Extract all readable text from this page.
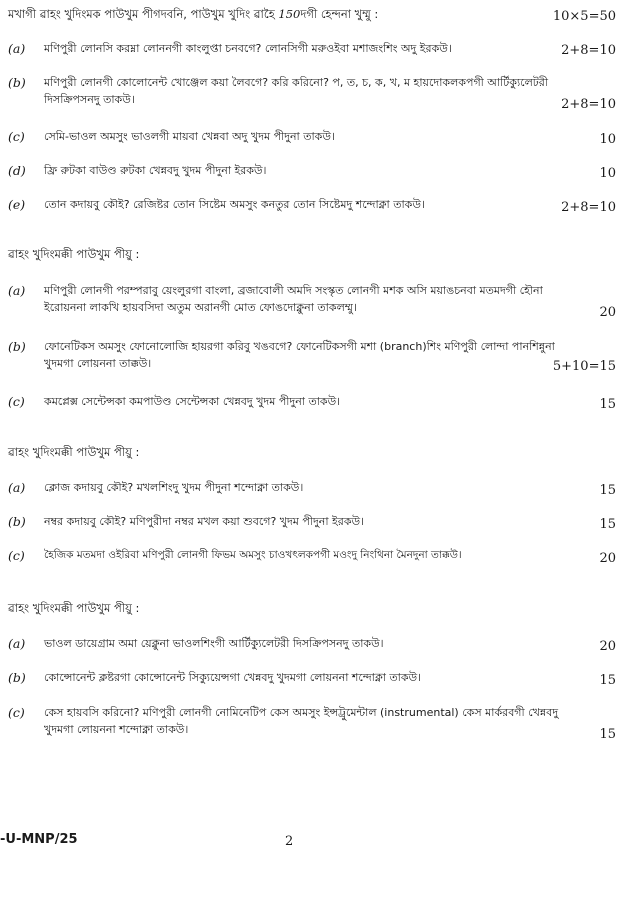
মখাগী ৱাহং খুদিংমক পাউখুম পীগদবনি, পাউখুম খুদিং ৱাহৈ 150দগী হেন্দনা খুম্মু :	10×5=50
(a) মণিপুরী লোনসি করম্না লোননগী কাংলুপ্তা চনবগে? লোনসিগী মরুওইবা মশাজংশিং অদু ইরকউ।	2+8=10
(b) মণিপুরী লোনগী কোলোনেন্ট খোঞ্জেল কয়া লৈবগে? করি করিনো? প, ত, চ, ক, খ, ম হায়দোকলকপগী আর্টিক্যুলেটরী দিসক্রিপসনদু তাকউ।	2+8=10
(c) সেমি-ভাওল অমসুং ভাওলগী মায়বা খেন্নবা অদু খুদম পীদুনা তাকউ।	10
(d) ফ্রি রুটকা বাউণ্ড রুটকা খেন্নবদু খুদম পীদুনা ইরকউ।	10
(e) তোন কদায়বু কৌই? রেজিষ্টর তোন সিষ্টেম অমসুং কনতুর তোন সিষ্টেমদু শন্দোক্না তাকউ।	2+8=10
ৱাহং খুদিংমক্কী পাউখুম পীয়ু :
(a) মণিপুরী লোনগী পরম্পরাবু য়েংলুরগা বাংলা, ব্রজাবোলী অমদি সংস্কৃত লোনগী মশক অসি ময়াঙচনবা মতমদগী হৌনা ইরোয়ননা লাকখি হায়বসিদা অতুম অরানগী মোত ফোঙদোক্নুনা তাকলম্মু।	20
(b) ফোনেটিকস অমসুং ফোনোলোজি হায়রগা করিবু খঙবগে? ফোনেটিকসগী মশা (branch)শিং মণিপুরী লোন্দা পানশিন্নুনা খুদমগা লোয়ননা তাক্কউ।	5+10=15
(c) কমপ্লেক্স সেন্টেন্সকা কমপাউণ্ড সেন্টেন্সকা খেন্নবদু খুদম পীদুনা তাকউ।	15
ৱাহং খুদিংমক্কী পাউখুম পীয়ু :
(a) ক্লোজ কদায়বু কৌই? মখলশিংদু খুদম পীদুনা শন্দোক্না তাকউ।	15
(b) নম্বর কদায়বু কৌই? মণিপুরীদা নম্বর মখল কয়া শুবগে? খুদম পীদুনা ইরকউ।	15
(c) হৈজিক মতমদা ওইরিবা মণিপুরী লোনগী ফিভম অমসুং চাওখৎলকপগী মওংদু নিংথিনা মৈনদুনা তাক্কউ।	20
ৱাহং খুদিংমক্কী পাউখুম পীয়ু :
(a) ভাওল ডায়েগ্রাম অমা য়েক্নুনা ভাওলশিংগী আর্টিক্যুলেটরী দিসক্রিপসনদু তাকউ।	20
(b) কোন্সোনেন্ট ক্লষ্টরগা কোন্সোনেন্ট সিক্যুয়েন্সগা খেন্নবদু খুদমগা লোয়ননা শন্দোক্না তাকউ।	15
(c) কেস হায়বসি করিনো? মণিপুরী লোনগী নোমিনেটিপ কেস অমসুং ইন্সট্রুমেন্টাল (instrumental) কেস মার্করবগী খেন্নবদু খুদমগা লোয়ননা শন্দোক্না তাকউ।	15
-U-MNP/25	2
